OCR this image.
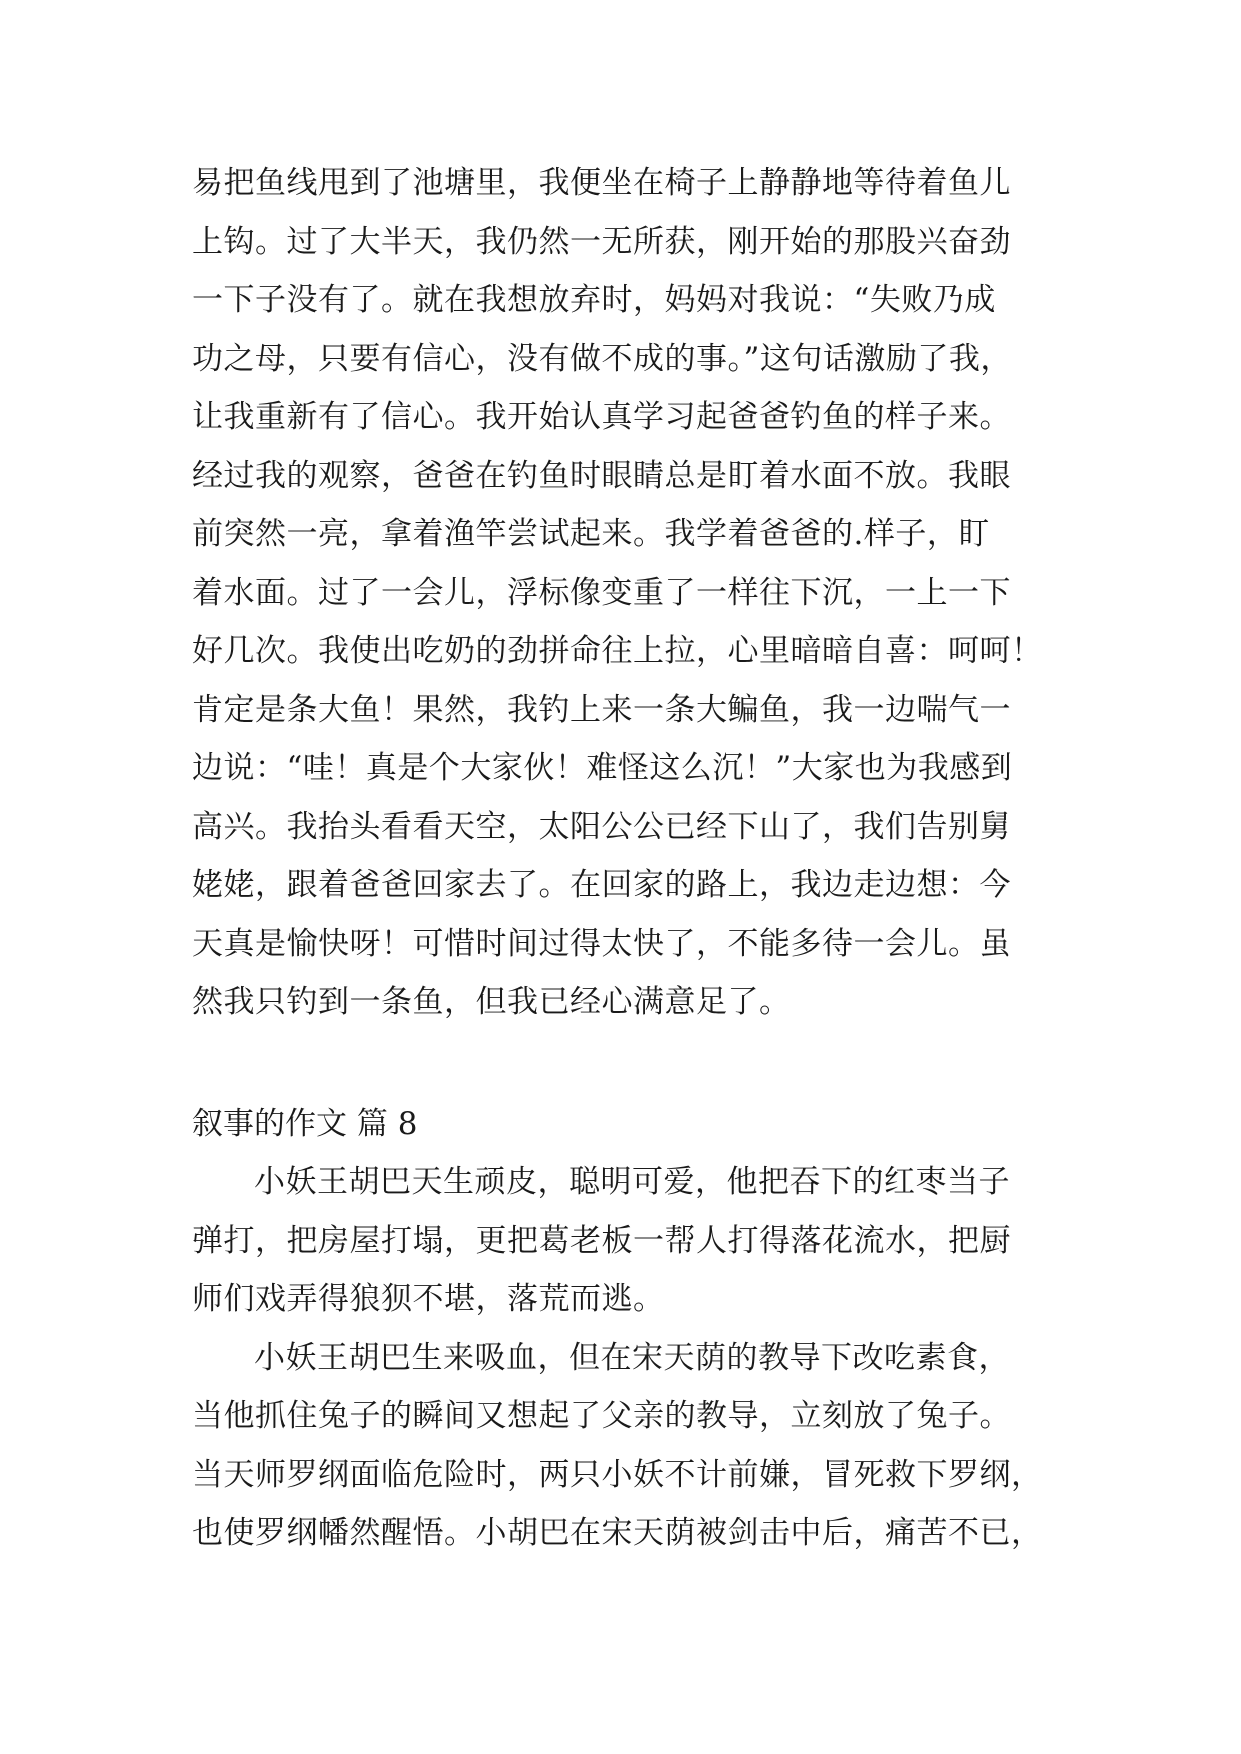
易把鱼线甩到了池塘里，我便坐在椅子上静静地等待着鱼儿
上钩。过了大半天，我仍然一无所获，刚开始的那股兴奋劲
一下子没有了。就在我想放弃时，妈妈对我说：“失败乃成
功之母，只要有信心，没有做不成的事。”这句话激励了我，
让我重新有了信心。我开始认真学习起爸爸钓鱼的样子来。
经过我的观察，爸爸在钓鱼时眼睛总是盯着水面不放。我眼
前突然一亮，拿着渔竿尝试起来。我学着爸爸的.样子，盯
着水面。过了一会儿，浮标像变重了一样往下沉，一上一下
好几次。我使出吃奶的劲拼命往上拉，心里暗暗自喜：呵呵！
肯定是条大鱼！果然，我钓上来一条大鳊鱼，我一边喘气一
边说：“哇！真是个大家伙！难怪这么沉！”大家也为我感到
高兴。我抬头看看天空，太阳公公已经下山了，我们告别舅
姥姥，跟着爸爸回家去了。在回家的路上，我边走边想：今
天真是愉快呀！可惜时间过得太快了，不能多待一会儿。虽
然我只钓到一条鱼，但我已经心满意足了。
叙事的作文 篇 8
小妖王胡巴天生顽皮，聪明可爱，他把吞下的红枣当子
弹打，把房屋打塌，更把葛老板一帮人打得落花流水，把厨
师们戏弄得狼狈不堪，落荒而逃。
小妖王胡巴生来吸血，但在宋天荫的教导下改吃素食，
当他抓住兔子的瞬间又想起了父亲的教导，立刻放了兔子。
当天师罗纲面临危险时，两只小妖不计前嫌，冒死救下罗纲，
也使罗纲幡然醒悟。小胡巴在宋天荫被剑击中后，痛苦不已，
